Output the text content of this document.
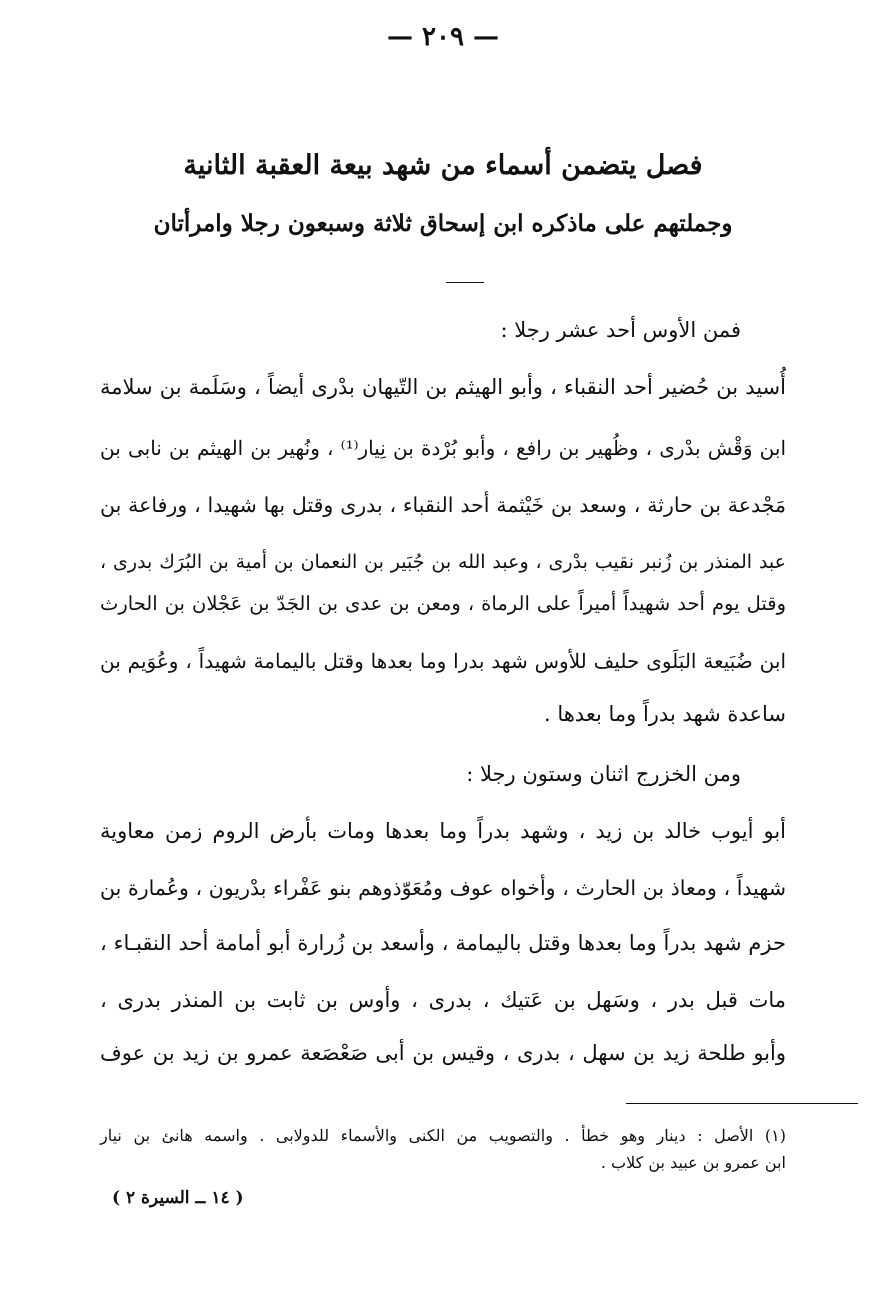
— ٢٠٩ —
فصل يتضمن أسماء من شهد بيعة العقبة الثانية
وجملتهم على ماذكره ابن إسحاق ثلاثة وسبعون رجلا وامرأتان
فمن الأوس أحد عشر رجلا :
أُسيد بن حُضير أحد النقباء ، وأبو الهيثم بن التّيهان بدْرى أيضاً ، وسَلَمة بن سلامة
ابن وَقْش بدْرى ، وظُهير بن رافع ، وأبو بُرْدة بن نِيار⁽¹⁾ ، ونُهير بن الهيثم بن نابى بن
مَجْدعة بن حارثة ، وسعد بن خَيْثمة أحد النقباء ، بدرى وقتل بها شهيدا ، ورفاعة بن
عبد المنذر بن زُنبر نقيب بدْرى ، وعبد الله بن جُبَير بن النعمان بن أمية بن البُرَك بدرى ،
وقتل يوم أحد شهيداً أميراً على الرماة ، ومعن بن عدى بن الجَدّ بن عَجْلان بن الحارث
ابن ضُبَيعة البَلَوى حليف للأوس شهد بدرا وما بعدها وقتل باليمامة شهيداً ، وعُوَيم بن
ساعدة شهد بدراً وما بعدها .
ومن الخزرج اثنان وستون رجلا :
أبو أيوب خالد بن زيد ، وشهد بدراً وما بعدها ومات بأرض الروم زمن معاوية
شهيداً ، ومعاذ بن الحارث ، وأخواه عوف ومُعَوّذوهم بنو عَفْراء بدْريون ، وعُمارة بن
حزم شهد بدراً وما بعدها وقتل باليمامة ، وأسعد بن زُرارة أبو أمامة أحد النقبـاء ،
مات قبل بدر ، وسَهل بن عَتيك ، بدرى ، وأوس بن ثابت بن المنذر بدرى ،
وأبو طلحة زيد بن سهل ، بدرى ، وقيس بن أبى صَعْصَعة عمرو بن زيد بن عوف
(١) الأصل : دينار وهو خطأ . والتصويب من الكنى والأسماء للدولابى . واسمه هانئ بن نيار
ابن عمرو بن عبيد بن كلاب .
( ١٤ ــ السيرة ٢ )
